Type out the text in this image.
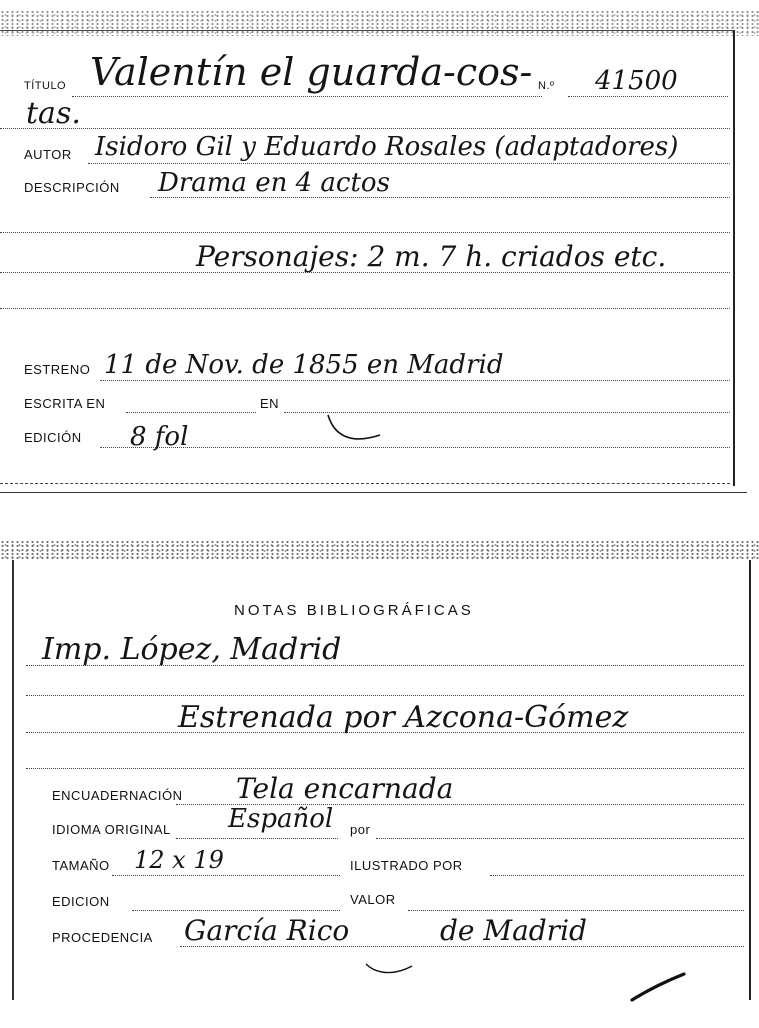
TÍTULO Valentín el guarda-cos- N.º 41500
tas.
AUTOR Isidoro Gil y Eduardo Rosales (adaptadores)
DESCRIPCIÓN Drama en 4 actos
Personajes: 2 m. 7 h. criados etc.
ESTRENO 11 de Nov. de 1855 en Madrid
ESCRITA EN	EN
EDICIÓN 8 fol
NOTAS BIBLIOGRÁFICAS
Imp. López, Madrid
Estrenada por Azcona-Gómez
ENCUADERNACIÓN Tela encarnada
IDIOMA ORIGINAL Español por
TAMAÑO 12 x 19	ILUSTRADO POR
EDICION	VALOR
PROCEDENCIA García Rico	de Madrid
